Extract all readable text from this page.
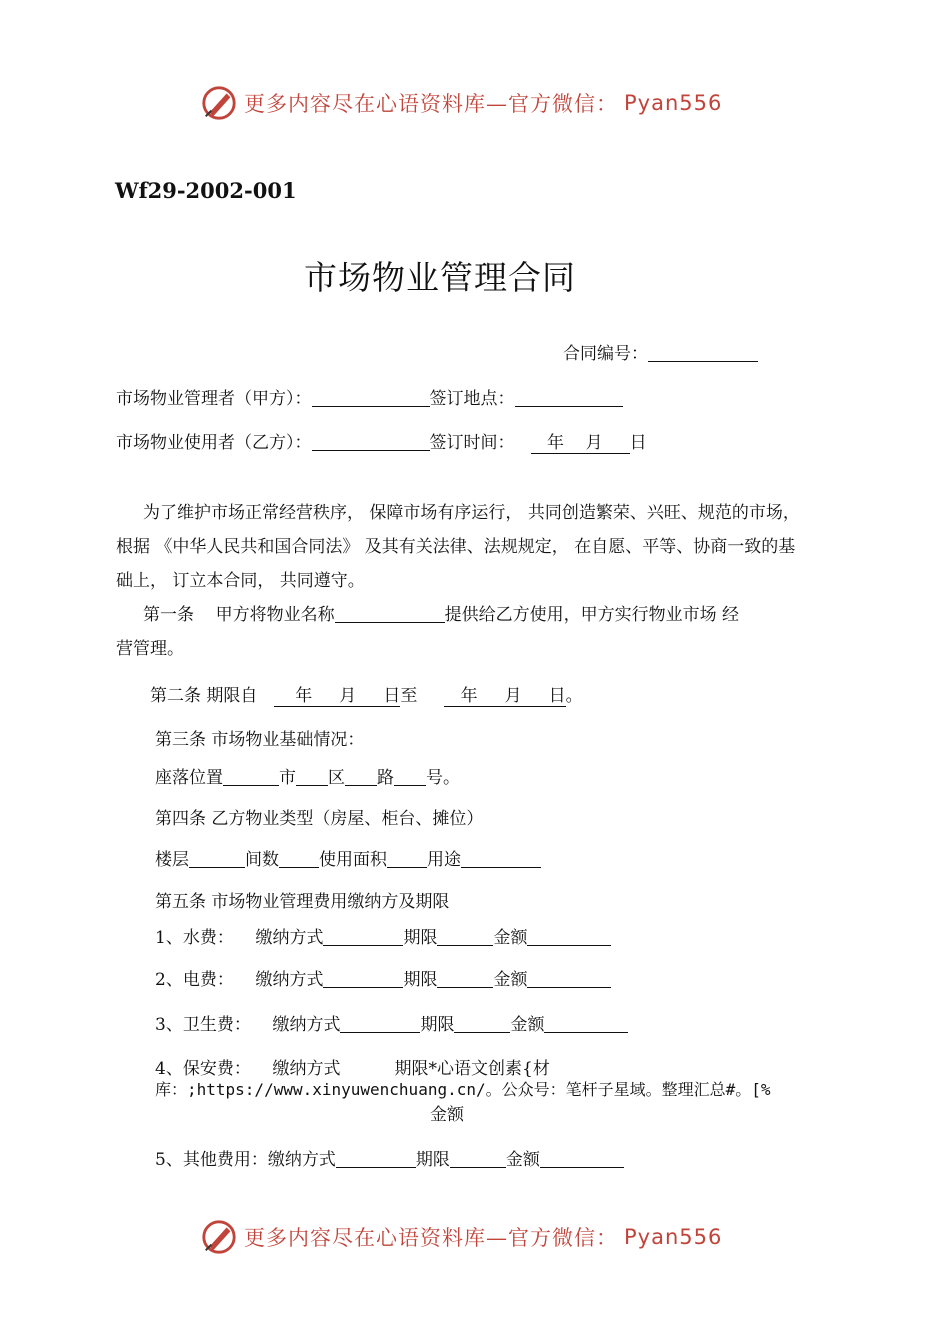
更多内容尽在心语资料库—官方微信： Pyan556
Wf29-2002-001
市场物业管理合同
合同编号：
市场物业管理者（甲方）：	签订地点：
市场物业使用者（乙方）：	签订时间： 年 月 日
为了维护市场正常经营秩序， 保障市场有序运行， 共同创造繁荣、兴旺、规范的市场，
根据 《中华人民共和国合同法》 及其有关法律、法规规定， 在自愿、平等、协商一致的基
础上， 订立本合同， 共同遵守。
第一条 甲方将物业名称	提供给乙方使用，甲方实行物业市场 经
营管理。
第二条 期限自 年 月 日至	年 月 日。
第三条 市场物业基础情况：
座落位置	市 区 路 号。
第四条 乙方物业类型（房屋、柜台、摊位）
楼层	间数 使用面积 用途
第五条 市场物业管理费用缴纳方及期限
1、水费： 缴纳方式	期限	金额
2、电费： 缴纳方式	期限	金额
3、卫生费： 缴纳方式	期限	金额
4、保安费： 缴纳方式	期限*心语文创素{材
库：;https://www.xinyuwenchuang.cn/。公众号：笔杆子星域。整理汇总#。[%
金额
5、其他费用：缴纳方式	期限	金额
更多内容尽在心语资料库—官方微信： Pyan556
